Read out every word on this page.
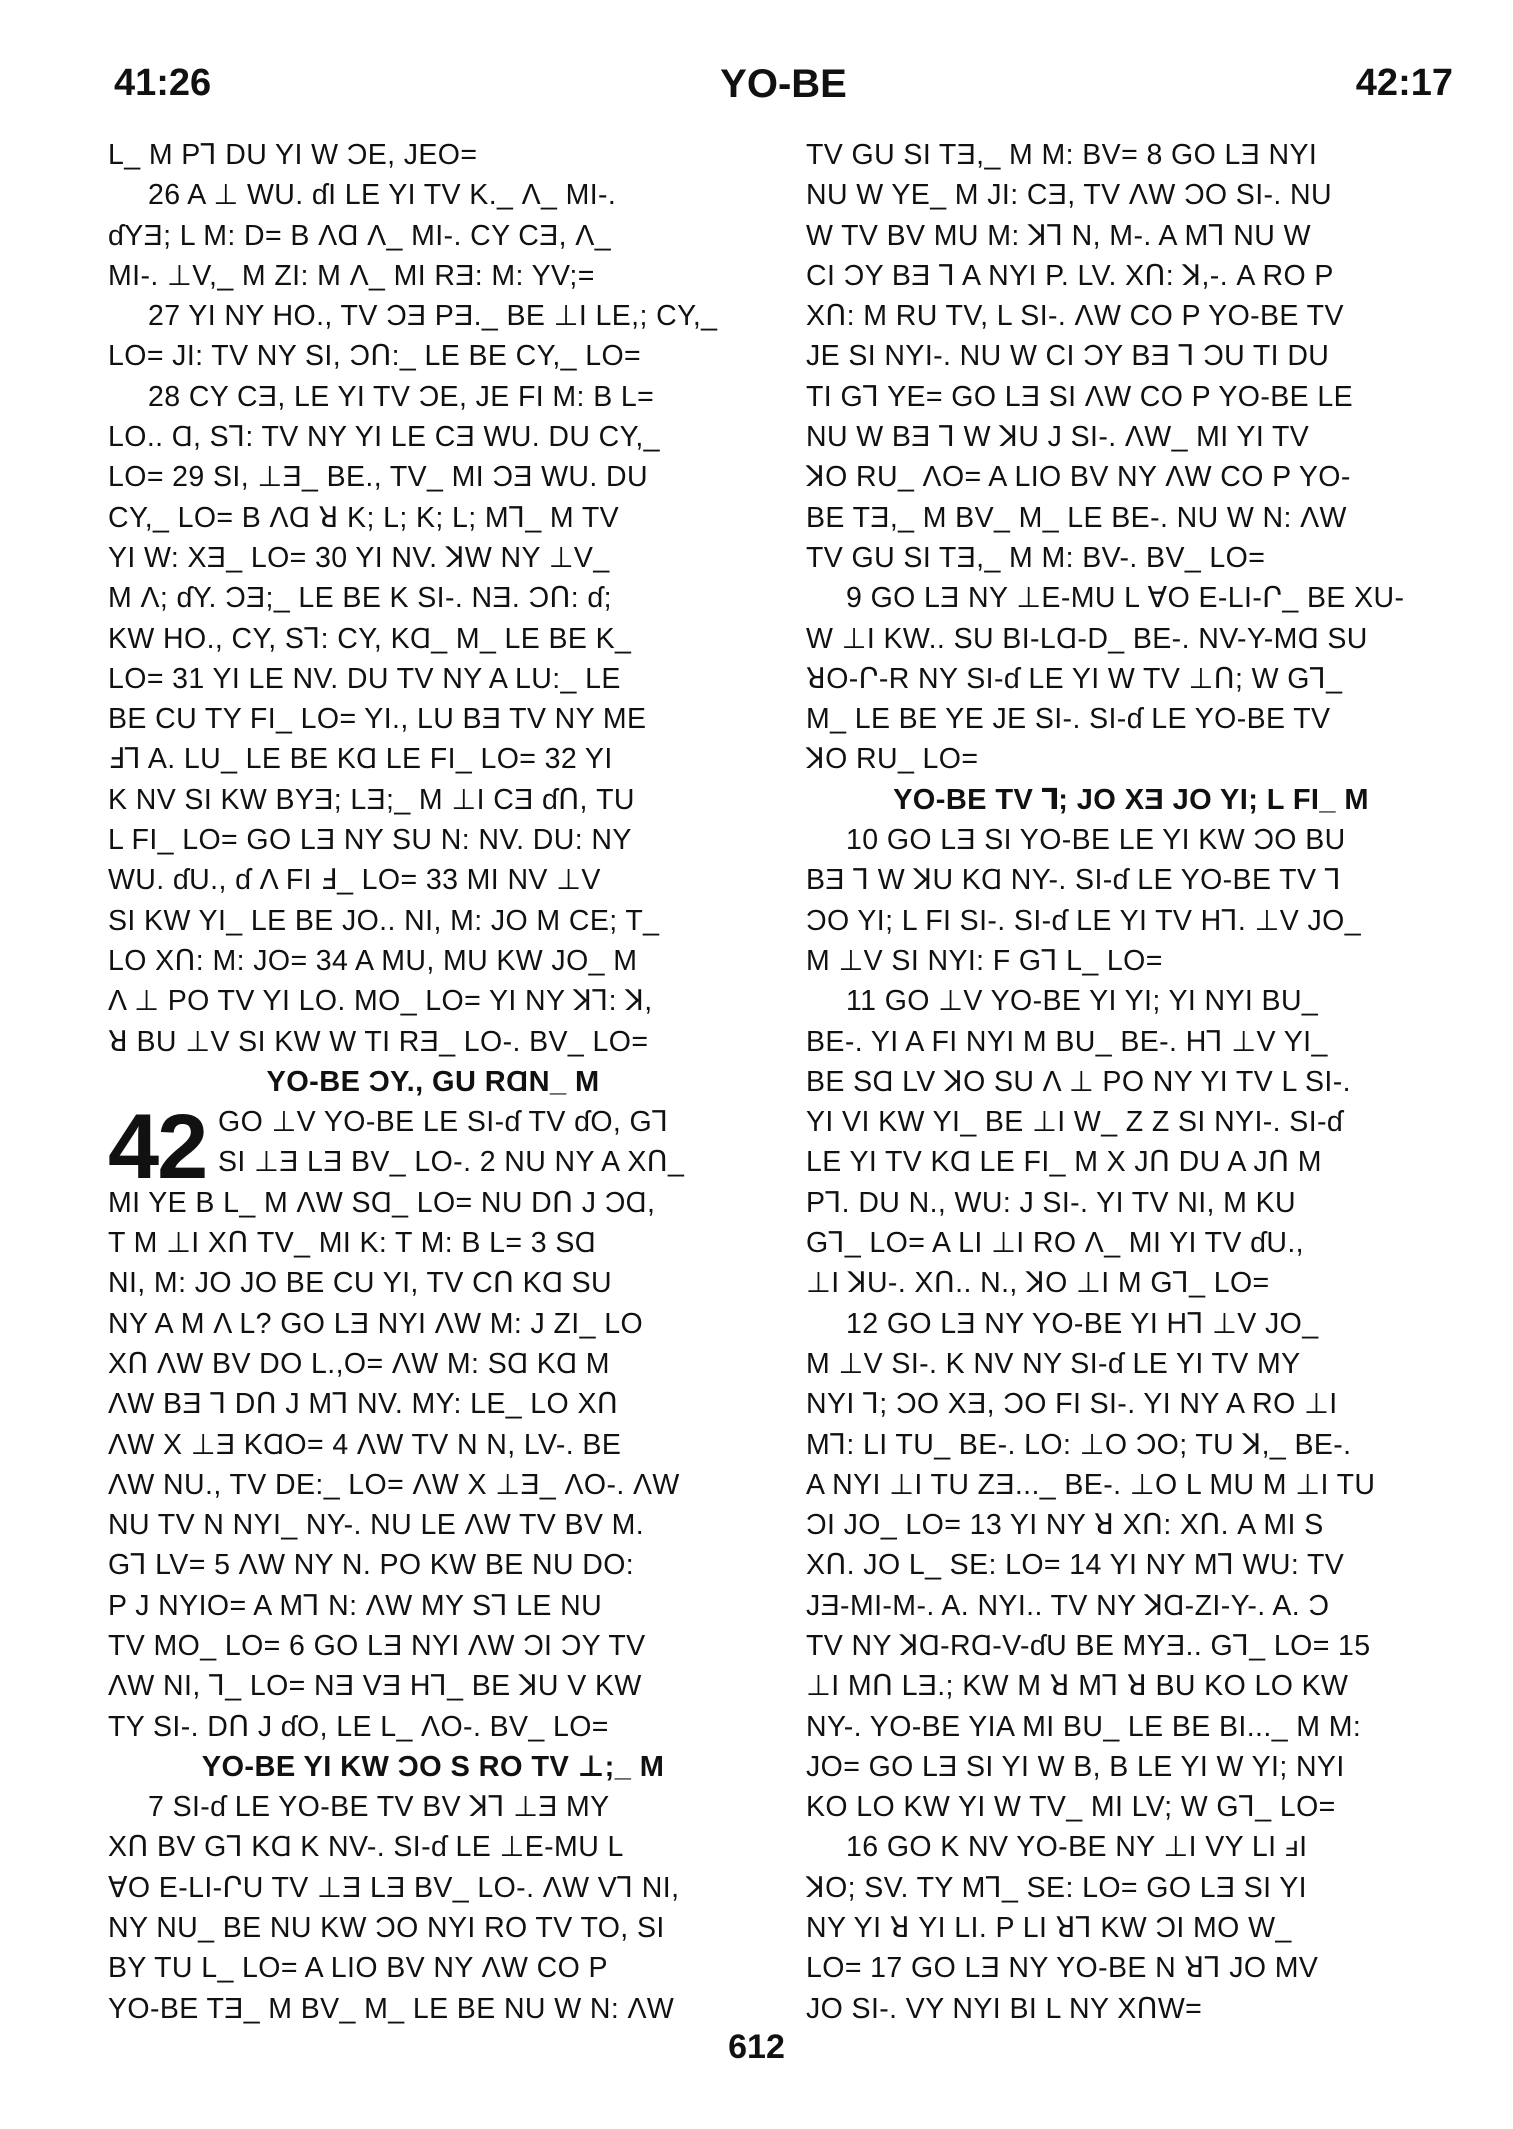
41:26	YO-BE	42:17
L_ M P⅂ DU YI W ƆE, JEO=
26 A ⊥ WU. ɗI LE YI TV K._ Λ_ MI-.
ɗYƎ; L M: D= B ΛⱭ Λ_ MI-. CY CƎ, Λ_
MI-. ⊥V,_ M ZI: M Λ_ MI RƎ: M: YV;=
27 YI NY HO., TV ƆƎ PƎ._ BE ⊥I LE,; CY,_
LO= JI: TV NY SI, ƆՈ:_ LE BE CY,_ LO=
28 CY CƎ, LE YI TV ƆE, JE FI M: B L=
LO.. Ɑ, S⅂: TV NY YI LE CƎ WU. DU CY,_
LO= 29 SI, ⊥Ǝ_ BE., TV_ MI ƆƎ WU. DU
CY,_ LO= B ΛⱭ ꓤ K; L; K; L; M⅂_ M TV
YI W: XƎ_ LO= 30 YI NV. ꓘW NY ⊥V_
M Λ; ɗY. ƆƎ;_ LE BE K SI-. NƎ. ƆՈ: ɗ;
KW HO., CY, S⅂: CY, KⱭ_ M_ LE BE K_
LO= 31 YI LE NV. DU TV NY A LU:_ LE
BE CU TY FI_ LO= YI., LU BƎ TV NY ME
Ⅎ⅂ A. LU_ LE BE KⱭ LE FI_ LO= 32 YI
K NV SI KW BYƎ; LƎ;_ M ⊥I CƎ ɗՈ, TU
L FI_ LO= GO LƎ NY SU N: NV. DU: NY
WU. ɗU., ɗ Λ FI Ⅎ_ LO= 33 MI NV ⊥V
SI KW YI_ LE BE JO.. NI, M: JO M CE; T_
LO XՈ: M: JO= 34 A MU, MU KW JO_ M
Λ ⊥ PO TV YI LO. MO_ LO= YI NY ꓘ⅂: ꓘ,
ꓤ BU ⊥V SI KW W TI RƎ_ LO-. BV_ LO=
YO-BE ƆY., GU RⱭN_ M
42 GO ⊥V YO-BE LE SI-ɗ TV ɗO, G⅂
SI ⊥Ǝ LƎ BV_ LO-. 2 NU NY A XՈ_
MI YE B L_ M ΛW SⱭ_ LO= NU DՈ J ƆⱭ,
T M ⊥I XՈ TV_ MI K: T M: B L= 3 SⱭ
NI, M: JO JO BE CU YI, TV CՈ KⱭ SU
NY A M Λ L? GO LƎ NYI ΛW M: J ZI_ LO
XՈ ΛW BV DO L.,O= ΛW M: SⱭ KⱭ M
ΛW BƎ ⅂ DՈ J M⅂ NV. MY: LE_ LO XՈ
ΛW X ⊥Ǝ KⱭO= 4 ΛW TV N N, LV-. BE
ΛW NU., TV DE:_ LO= ΛW X ⊥Ǝ_ ΛO-. ΛW
NU TV N NYI_ NY-. NU LE ΛW TV BV M.
G⅂ LV= 5 ΛW NY N. PO KW BE NU DO:
P J NYIO= A M⅂ N: ΛW MY S⅂ LE NU
TV MO_ LO= 6 GO LƎ NYI ΛW ƆI ƆY TV
ΛW NI, ⅂_ LO= NƎ VƎ H⅂_ BE ꓘU V KW
TY SI-. DՈ J ɗO, LE L_ ΛO-. BV_ LO=
YO-BE YI KW ƆO S RO TV ⊥;_ M
7 SI-ɗ LE YO-BE TV BV ꓘ⅂ ⊥Ǝ MY
XՈ BV G⅂ KⱭ K NV-. SI-ɗ LE ⊥E-MU L
ⱯO E-LI-ՐU TV ⊥Ǝ LƎ BV_ LO-. ΛW V⅂ NI,
NY NU_ BE NU KW ƆO NYI RO TV TO, SI
BY TU L_ LO= A LIO BV NY ΛW CO P
YO-BE TƎ_ M BV_ M_ LE BE NU W N: ΛW
TV GU SI TƎ,_ M M: BV= 8 GO LƎ NYI
NU W YE_ M JI: CƎ, TV ΛW ƆO SI-. NU
W TV BV MU M: ꓘ⅂ N, M-. A M⅂ NU W
CI ƆY BƎ ⅂ A NYI P. LV. XՈ: ꓘ,-. A RO P
XՈ: M RU TV, L SI-. ΛW CO P YO-BE TV
JE SI NYI-. NU W CI ƆY BƎ ⅂ ƆU TI DU
TI G⅂ YE= GO LƎ SI ΛW CO P YO-BE LE
NU W BƎ ⅂ W ꓘU J SI-. ΛW_ MI YI TV
ꓘO RU_ ΛO= A LIO BV NY ΛW CO P YO-
BE TƎ,_ M BV_ M_ LE BE-. NU W N: ΛW
TV GU SI TƎ,_ M M: BV-. BV_ LO=
9 GO LƎ NY ⊥E-MU L ⱯO E-LI-Ր_ BE XU-
W ⊥I KW.. SU BI-LⱭ-D_ BE-. NV-Y-MⱭ SU
ꓤO-Ր-R NY SI-ɗ LE YI W TV ⊥Ո; W G⅂_
M_ LE BE YE JE SI-. SI-ɗ LE YO-BE TV
ꓘO RU_ LO=
YO-BE TV ⅂; JO XƎ JO YI; L FI_ M
10 GO LƎ SI YO-BE LE YI KW ƆO BU
BƎ ⅂ W ꓘU KⱭ NY-. SI-ɗ LE YO-BE TV ⅂
ƆO YI; L FI SI-. SI-ɗ LE YI TV H⅂. ⊥V JO_
M ⊥V SI NYI: F G⅂ L_ LO=
11 GO ⊥V YO-BE YI YI; YI NYI BU_
BE-. YI A FI NYI M BU_ BE-. H⅂ ⊥V YI_
BE SⱭ LV ꓘO SU Λ ⊥ PO NY YI TV L SI-.
YI VI KW YI_ BE ⊥I W_ Z Z SI NYI-. SI-ɗ
LE YI TV KⱭ LE FI_ M X JՈ DU A JՈ M
P⅂. DU N., WU: J SI-. YI TV NI, M KU
G⅂_ LO= A LI ⊥I RO Λ_ MI YI TV ɗU.,
⊥I ꓘU-. XՈ.. N., ꓘO ⊥I M G⅂_ LO=
12 GO LƎ NY YO-BE YI H⅂ ⊥V JO_
M ⊥V SI-. K NV NY SI-ɗ LE YI TV MY
NYI ⅂; ƆO XƎ, ƆO FI SI-. YI NY A RO ⊥I
M⅂: LI TU_ BE-. LO: ⊥O ƆO; TU ꓘ,_ BE-.
A NYI ⊥I TU ZƎ..._ BE-. ⊥O L MU M ⊥I TU
ƆI JO_ LO= 13 YI NY ꓤ XՈ: XՈ. A MI S
XՈ. JO L_ SE: LO= 14 YI NY M⅂ WU: TV
JƎ-MI-M-. A. NYI.. TV NY ꓘⱭ-ZI-Y-. A. Ɔ
TV NY ꓘⱭ-RⱭ-V-ɗU BE MYƎ.. G⅂_ LO= 15
⊥I MՈ LƎ.; KW M ꓤ M⅂ ꓤ BU KO LO KW
NY-. YO-BE YIA MI BU_ LE BE BI..._ M M:
JO= GO LƎ SI YI W B, B LE YI W YI; NYI
KO LO KW YI W TV_ MI LV; W G⅂_ LO=
16 GO K NV YO-BE NY ⊥I VY LI ⅎI
ꓘO; SV. TY M⅂_ SE: LO= GO LƎ SI YI
NY YI ꓤ YI LI. P LI ꓤ⅂ KW ƆI MO W_
LO= 17 GO LƎ NY YO-BE N ꓤ⅂ JO MV
JO SI-. VY NYI BI L NY XՈW=
612
